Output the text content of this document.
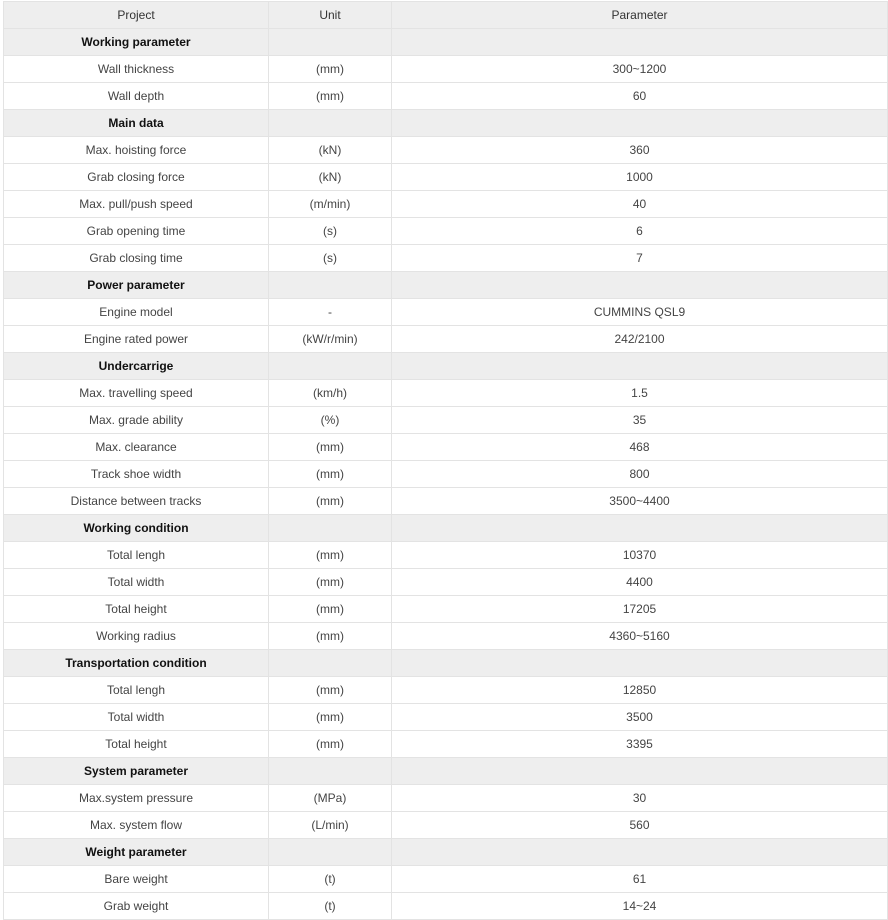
Project	Unit	Parameter
Working parameter		
Wall thickness	(mm)	300~1200
Wall depth	(mm)	60
Main data		
Max. hoisting force	(kN)	360
Grab closing force	(kN)	1000
Max. pull/push speed	(m/min)	40
Grab opening time	(s)	6
Grab closing time	(s)	7
Power parameter		
Engine model	-	CUMMINS QSL9
Engine rated power	(kW/r/min)	242/2100
Undercarrige		
Max. travelling speed	(km/h)	1.5
Max. grade ability	(%)	35
Max. clearance	(mm)	468
Track shoe width	(mm)	800
Distance between tracks	(mm)	3500~4400
Working condition		
Total lengh	(mm)	10370
Total width	(mm)	4400
Total height	(mm)	17205
Working radius	(mm)	4360~5160
Transportation condition		
Total lengh	(mm)	12850
Total width	(mm)	3500
Total height	(mm)	3395
System parameter		
Max.system pressure	(MPa)	30
Max. system flow	(L/min)	560
Weight parameter		
Bare weight	(t)	61
Grab weight	(t)	14~24
